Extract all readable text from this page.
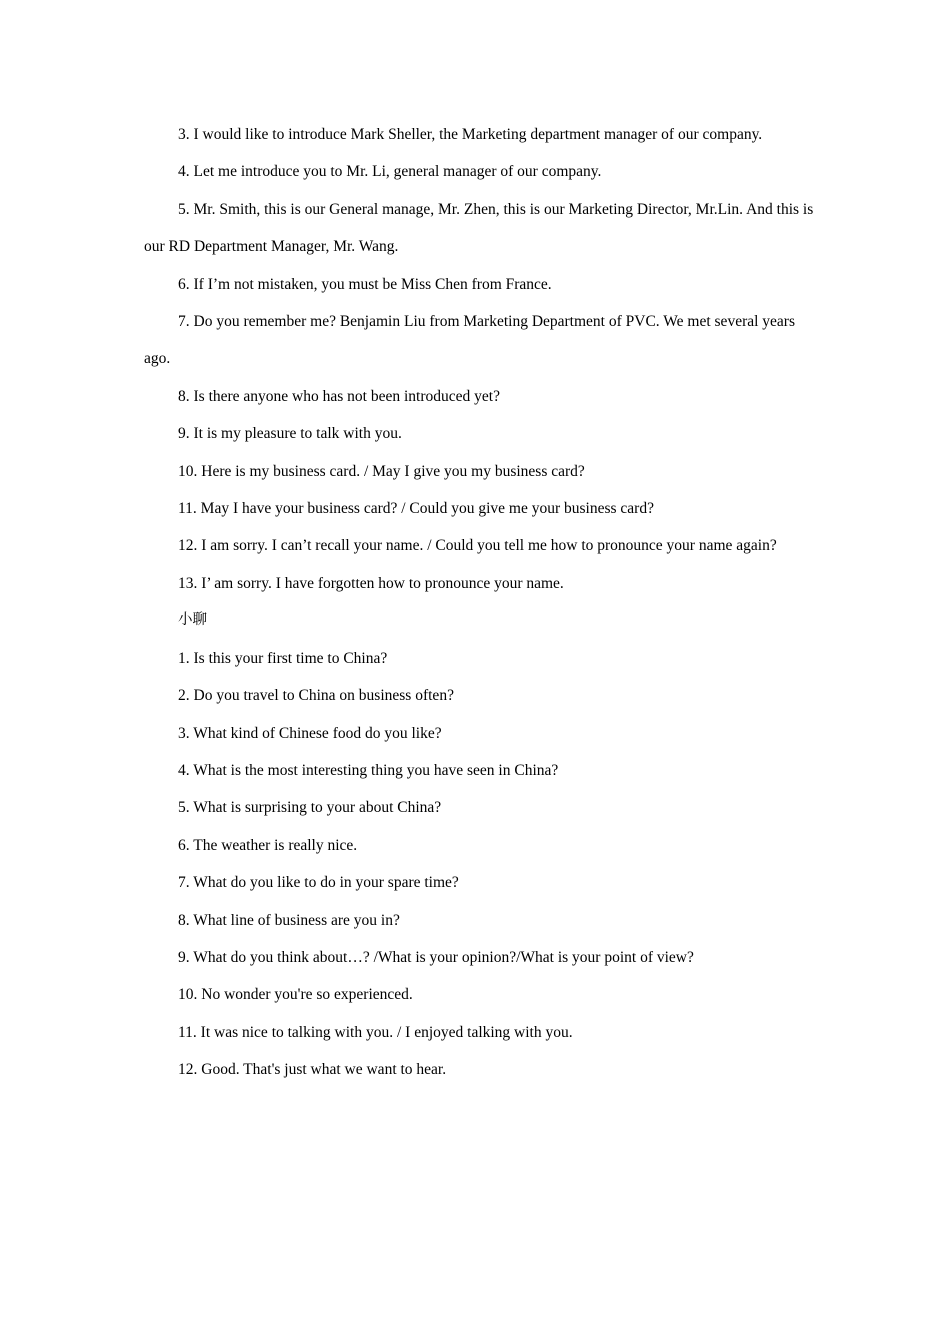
3. I would like to introduce Mark Sheller, the Marketing department manager of our company.

4. Let me introduce you to Mr. Li, general manager of our company.

5. Mr. Smith, this is our General manage, Mr. Zhen, this is our Marketing Director, Mr.Lin. And this is our RD Department Manager, Mr. Wang.

6. If I’m not mistaken, you must be Miss Chen from France.

7. Do you remember me? Benjamin Liu from Marketing Department of PVC. We met several years ago.

8. Is there anyone who has not been introduced yet?

9. It is my pleasure to talk with you.

10. Here is my business card. / May I give you my business card?

11. May I have your business card? / Could you give me your business card?

12. I am sorry. I can’t recall your name. / Could you tell me how to pronounce your name again?

13. I’ am sorry. I have forgotten how to pronounce your name.

小聊

1. Is this your first time to China?

2. Do you travel to China on business often?

3. What kind of Chinese food do you like?

4. What is the most interesting thing you have seen in China?

5. What is surprising to your about China?

6. The weather is really nice.

7. What do you like to do in your spare time?

8. What line of business are you in?

9. What do you think about…? /What is your opinion?/What is your point of view?

10. No wonder you're so experienced.

11. It was nice to talking with you. / I enjoyed talking with you.

12. Good. That's just what we want to hear.
